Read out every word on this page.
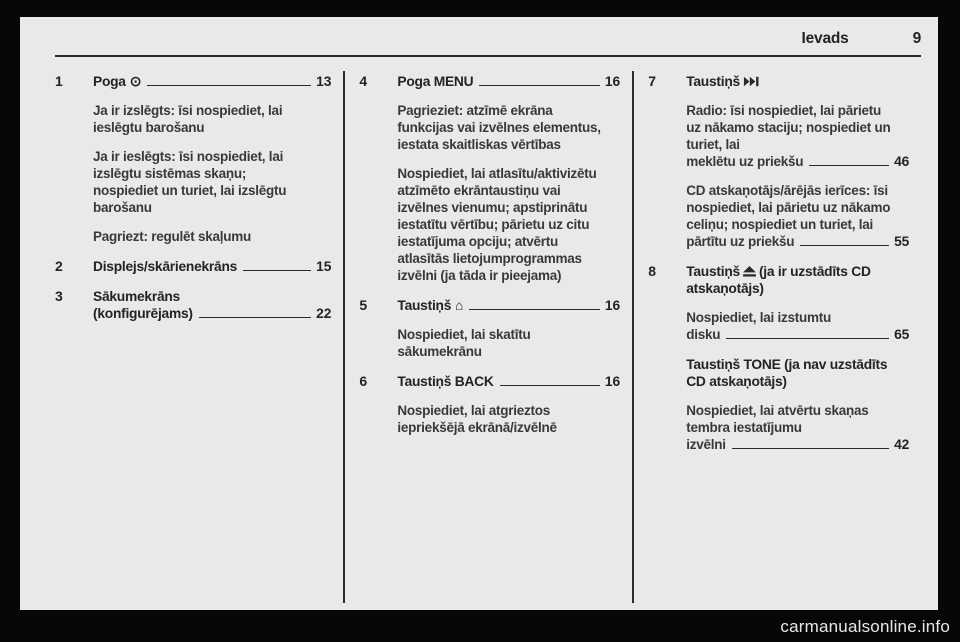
Ievads	9
1	Poga ⊙	13

Ja ir izslēgts: īsi nospiediet, lai ieslēgtu barošanu

Ja ir ieslēgts: īsi nospiediet, lai izslēgtu sistēmas skaņu; nospiediet un turiet, lai izslēgtu barošanu

Pagriezt: regulēt skaļumu

2	Displejs/skārienekrāns	15
3	Sākumekrāns
(konfigurējams)	22
4	Poga MENU	16

Pagrieziet: atzīmē ekrāna funkcijas vai izvēlnes elementus, iestata skaitliskas vērtības

Nospiediet, lai atlasītu/aktivizētu atzīmēto ekrāntaustiņu vai izvēlnes vienumu; apstiprinātu iestatītu vērtību; pārietu uz citu iestatījuma opciju; atvērtu atlasītās lietojumprogrammas izvēlni (ja tāda ir pieejama)

5	Taustiņš ⌂	16

Nospiediet, lai skatītu sākumekrānu

6	Taustiņš BACK	16

Nospiediet, lai atgrieztos iepriekšējā ekrānā/izvēlnē

7	Taustiņš
Radio: īsi nospiediet, lai pārietu uz nākamo staciju; nospiediet un turiet, lai
meklētu uz priekšu	46
CD atskaņotājs/ārējās ierīces: īsi nospiediet, lai pārietu uz nākamo celiņu; nospiediet un turiet, lai
pārtītu uz priekšu	55
8	Taustiņš (ja ir uzstādīts CD atskaņotājs)
Nospiediet, lai izstumtu
disku	65
Taustiņš TONE (ja nav uzstādīts CD atskaņotājs)
Nospiediet, lai atvērtu skaņas tembra iestatījumu
izvēlni	42
carmanualsonline.info
